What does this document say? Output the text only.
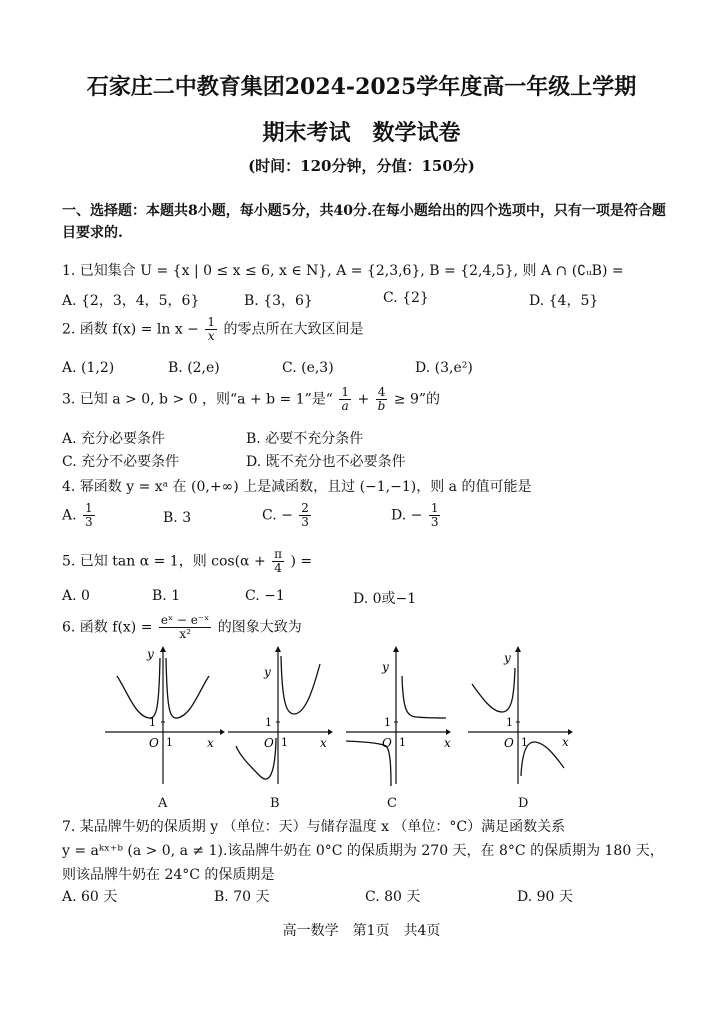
石家庄二中教育集团2024-2025学年度高一年级上学期
期末考试　数学试卷
(时间：120分钟，分值：150分)
一、选择题：本题共8小题，每小题5分，共40分.在每小题给出的四个选项中，只有一项是符合题目要求的.
1. 已知集合 U = {x | 0 ≤ x ≤ 6, x ∈ N}, A = {2,3,6}, B = {2,4,5}, 则 A ∩ (∁ᵤB) =
A. {2，3，4，5，6}	B. {3，6}	C. {2}	D. {4，5}
2. 函数 $f(x) = \ln x - \frac{1}{x}$ 的零点所在大致区间是
A. (1,2)	B. (2,e)	C. (e,3)	D. (3,e²)
3. 已知 a > 0, b > 0 ，则“a + b = 1”是“ $\frac{1}{a} + \frac{4}{b} \ge 9$”的
A. 充分必要条件	B. 必要不充分条件
C. 充分不必要条件	D. 既不充分也不必要条件
4. 幂函数 y = xᵃ 在 (0,+∞) 上是减函数，且过 (−1,−1)，则 a 的值可能是
A. $\frac{1}{3}$	B. 3	C. − $\frac{2}{3}$	D. − $\frac{1}{3}$
5. 已知 tan α = 1，则 $\cos(\alpha + \frac{\pi}{4}$ ) =
A. 0	B. 1	C. −1	D. 0或−1
6. 函数 $f(x) = \frac{\text{eˣ − e⁻ˣ}}{\text{x²}}$ 的图象大致为
1
1
O
y
x
A
1
1
O
y
x
B
1
1
O
y
x
C
1
1
O
y
x
D
7. 某品牌牛奶的保质期 y （单位：天）与储存温度 x （单位：°C）满足函数关系
y = aᵏˣ⁺ᵇ (a > 0, a ≠ 1).该品牌牛奶在 0°C 的保质期为 270 天，在 8°C 的保质期为 180 天，
则该品牌牛奶在 24°C 的保质期是
A. 60 天	B. 70 天	C. 80 天	D. 90 天
高一数学　第1页　共4页
